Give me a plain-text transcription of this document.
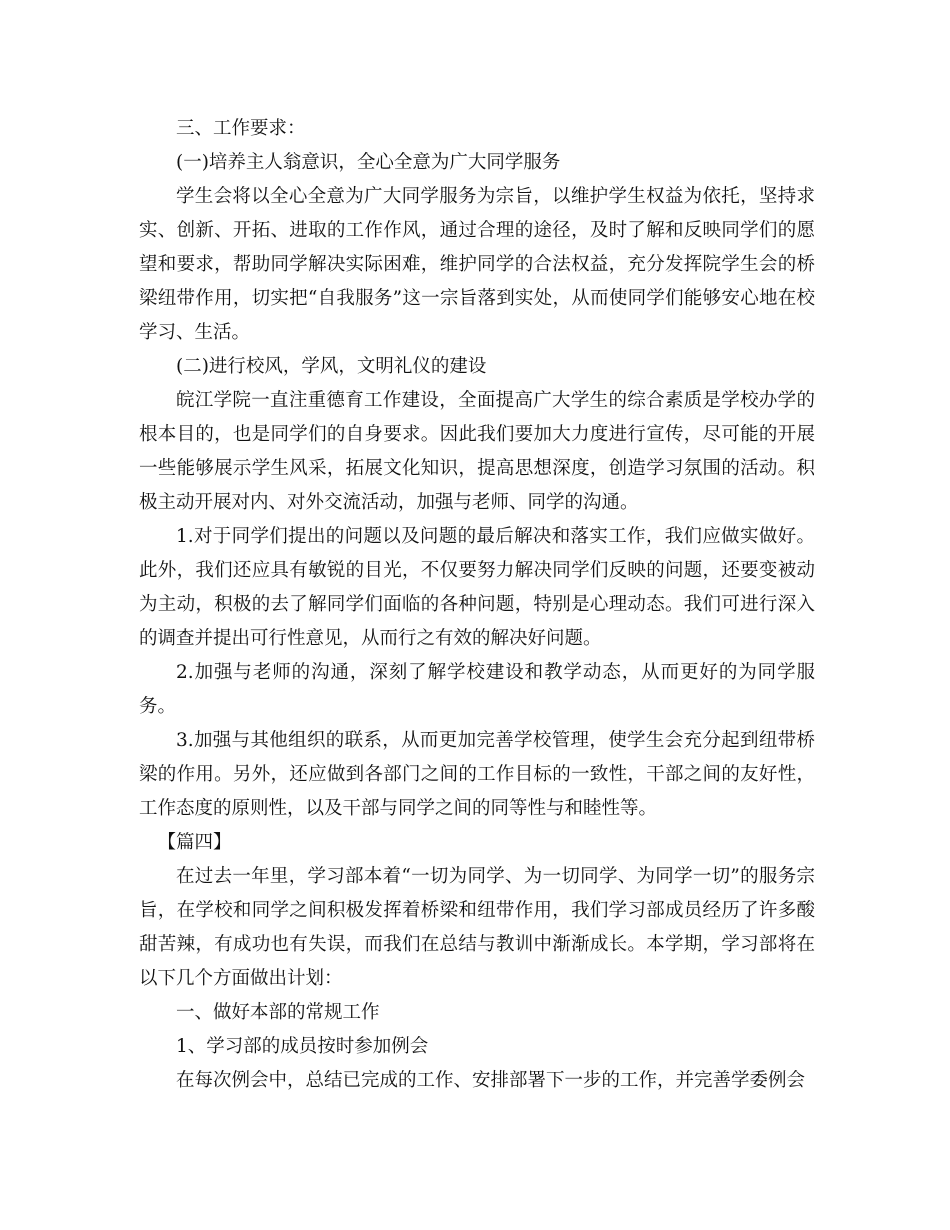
三、工作要求：

(一)培养主人翁意识，全心全意为广大同学服务

学生会将以全心全意为广大同学服务为宗旨，以维护学生权益为依托，坚持求实、创新、开拓、进取的工作作风，通过合理的途径，及时了解和反映同学们的愿望和要求，帮助同学解决实际困难，维护同学的合法权益，充分发挥院学生会的桥梁纽带作用，切实把“自我服务”这一宗旨落到实处，从而使同学们能够安心地在校学习、生活。

(二)进行校风，学风，文明礼仪的建设

皖江学院一直注重德育工作建设，全面提高广大学生的综合素质是学校办学的根本目的，也是同学们的自身要求。因此我们要加大力度进行宣传，尽可能的开展一些能够展示学生风采，拓展文化知识，提高思想深度，创造学习氛围的活动。积极主动开展对内、对外交流活动，加强与老师、同学的沟通。

1.对于同学们提出的问题以及问题的最后解决和落实工作，我们应做实做好。此外，我们还应具有敏锐的目光，不仅要努力解决同学们反映的问题，还要变被动为主动，积极的去了解同学们面临的各种问题，特别是心理动态。我们可进行深入的调查并提出可行性意见，从而行之有效的解决好问题。

2.加强与老师的沟通，深刻了解学校建设和教学动态，从而更好的为同学服务。

3.加强与其他组织的联系，从而更加完善学校管理，使学生会充分起到纽带桥梁的作用。另外，还应做到各部门之间的工作目标的一致性，干部之间的友好性，工作态度的原则性，以及干部与同学之间的同等性与和睦性等。

【篇四】

在过去一年里，学习部本着“一切为同学、为一切同学、为同学一切”的服务宗旨，在学校和同学之间积极发挥着桥梁和纽带作用，我们学习部成员经历了许多酸甜苦辣，有成功也有失误，而我们在总结与教训中渐渐成长。本学期，学习部将在以下几个方面做出计划：

一、做好本部的常规工作

1、学习部的成员按时参加例会

在每次例会中，总结已完成的工作、安排部署下一步的工作，并完善学委例会
